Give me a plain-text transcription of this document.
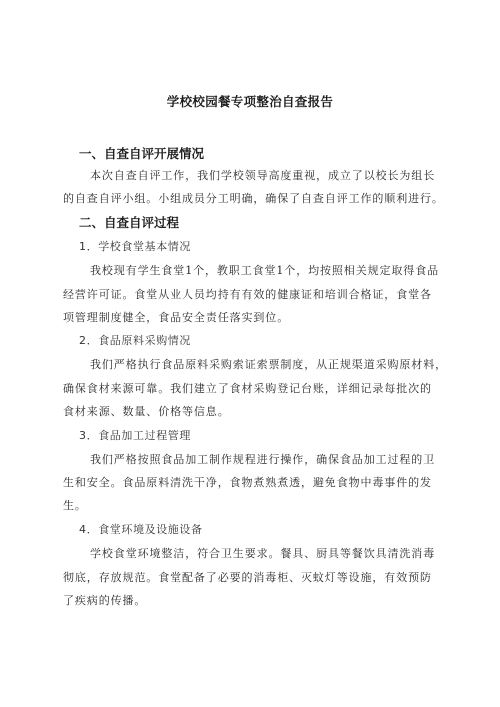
学校校园餐专项整治自查报告
一、自查自评开展情况
本次自查自评工作，我们学校领导高度重视，成立了以校长为组长
的自查自评小组。小组成员分工明确，确保了自查自评工作的顺利进行。
二、自查自评过程
1．学校食堂基本情况
我校现有学生食堂1个，教职工食堂1个，均按照相关规定取得食品
经营许可证。食堂从业人员均持有有效的健康证和培训合格证，食堂各
项管理制度健全，食品安全责任落实到位。
2．食品原料采购情况
我们严格执行食品原料采购索证索票制度，从正规渠道采购原材料，
确保食材来源可靠。我们建立了食材采购登记台账，详细记录每批次的
食材来源、数量、价格等信息。
3．食品加工过程管理
我们严格按照食品加工制作规程进行操作，确保食品加工过程的卫
生和安全。食品原料清洗干净，食物煮熟煮透，避免食物中毒事件的发
生。
4．食堂环境及设施设备
学校食堂环境整洁，符合卫生要求。餐具、厨具等餐饮具清洗消毒
彻底，存放规范。食堂配备了必要的消毒柜、灭蚊灯等设施，有效预防
了疾病的传播。
